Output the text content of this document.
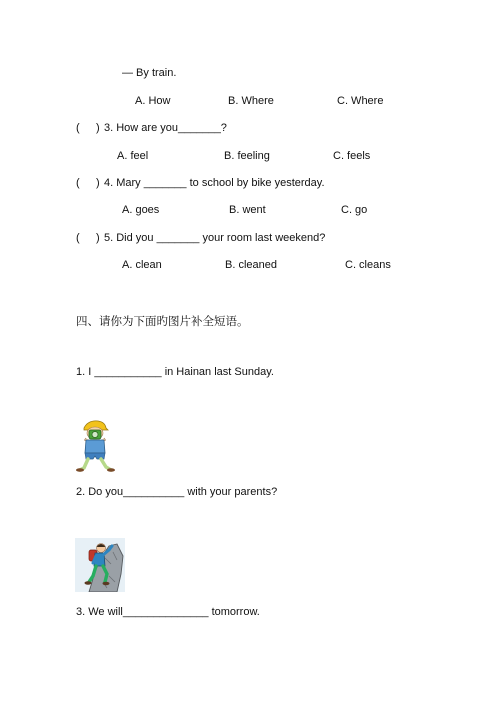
— By train.
A. How	B. Where	C. Where
( ) 3. How are you_______?
A. feel	B. feeling	C. feels
( ) 4. Mary _______ to school by bike yesterday.
A. goes	B. went	C. go
( ) 5. Did you _______ your room last weekend?
A. clean	B. cleaned	C. cleans
四、请你为下面旳图片补全短语。
1. I ___________ in Hainan last Sunday.
2. Do you__________ with your parents?
3. We will______________ tomorrow.
